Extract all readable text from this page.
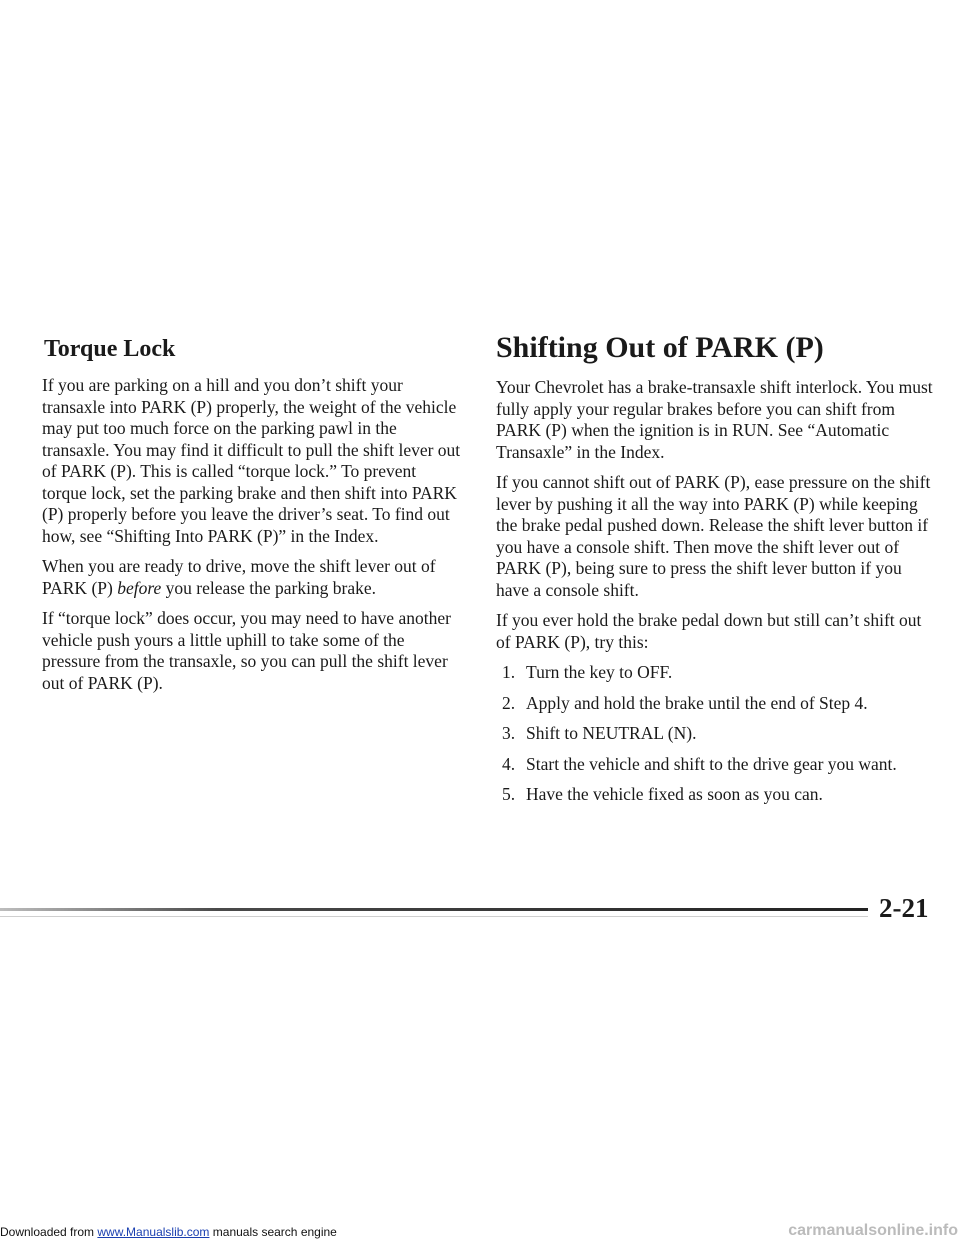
Torque Lock

If you are parking on a hill and you don’t shift your transaxle into PARK (P) properly, the weight of the vehicle may put too much force on the parking pawl in the transaxle. You may find it difficult to pull the shift lever out of PARK (P). This is called “torque lock.” To prevent torque lock, set the parking brake and then shift into PARK (P) properly before you leave the driver’s seat. To find out how, see “Shifting Into PARK (P)” in the Index.

When you are ready to drive, move the shift lever out of PARK (P) before you release the parking brake.

If “torque lock” does occur, you may need to have another vehicle push yours a little uphill to take some of the pressure from the transaxle, so you can pull the shift lever out of PARK (P).

Shifting Out of PARK (P)

Your Chevrolet has a brake-transaxle shift interlock. You must fully apply your regular brakes before you can shift from PARK (P) when the ignition is in RUN. See “Automatic Transaxle” in the Index.

If you cannot shift out of PARK (P), ease pressure on the shift lever by pushing it all the way into PARK (P) while keeping the brake pedal pushed down. Release the shift lever button if you have a console shift. Then move the shift lever out of PARK (P), being sure to press the shift lever button if you have a console shift.

If you ever hold the brake pedal down but still can’t shift out of PARK (P), try this:

1. Turn the key to OFF.
2. Apply and hold the brake until the end of Step 4.
3. Shift to NEUTRAL (N).
4. Start the vehicle and shift to the drive gear you want.
5. Have the vehicle fixed as soon as you can.
2-21
Downloaded from www.Manualslib.com manuals search engine	carmanualsonline.info
